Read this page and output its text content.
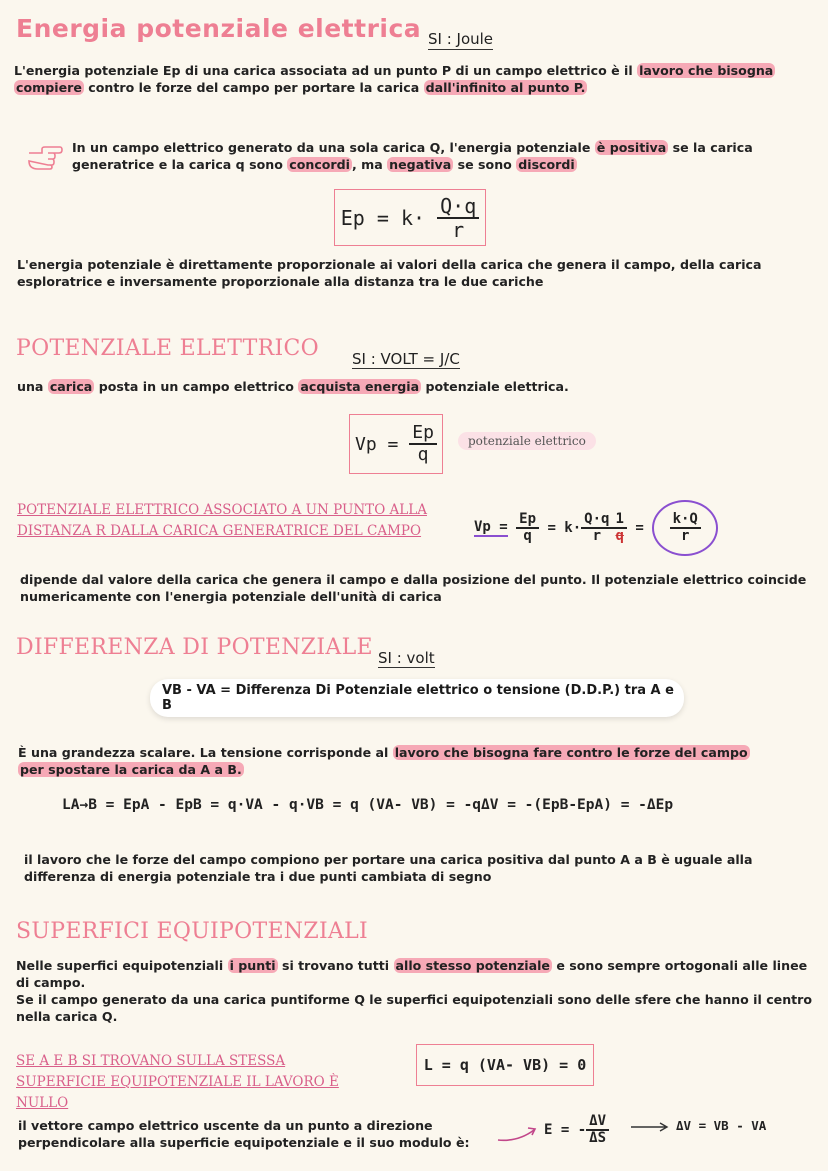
Energia potenziale elettrica SI : Joule
L'energia potenziale Ep di una carica associata ad un punto P di un campo elettrico è il lavoro che bisogna compiere contro le forze del campo per portare la carica dall'infinito al punto P.
In un campo elettrico generato da una sola carica Q, l'energia potenziale è positiva se la carica
generatrice e la carica q sono concordi , ma negativa se sono discordi
Ep = k·
$\frac{Q\cdot q}{r}$
L'energia potenziale è direttamente proporzionale ai valori della carica che genera il campo, della carica esploratrice e inversamente proporzionale alla distanza tra le due cariche
POTENZIALE ELETTRICO SI : VOLT = J/C
una carica posta in un campo elettrico acquista energia potenziale elettrica.
Vp =
$\frac{Ep}{q}$	potenziale elettrico
POTENZIALE ELETTRICO ASSOCIATO A UN PUNTO ALLA DISTANZA R DALLA CARICA GENERATRICE DEL CAMPO	Vp =
$\frac{Ep}{q}$
= $k\cdot \frac{Q\cdot q}{r} \frac{1}{q}$
=
$\frac{k\cdot Q}{r}$
dipende dal valore della carica che genera il campo e dalla posizione del punto. Il potenziale elettrico coincide numericamente con l'energia potenziale dell'unità di carica
DIFFERENZA DI POTENZIALE SI : volt
VB - VA = Differenza Di Potenziale elettrico o tensione (D.D.P.) tra A e B
È una grandezza scalare. La tensione corrisponde al lavoro che bisogna fare contro le forze del campo
per spostare la carica da A a B.
LA→B = EpA - EpB = q·VA - q·VB = q (VA- VB) = -qΔV = -(EpB-EpA) = -ΔEp
il lavoro che le forze del campo compiono per portare una carica positiva dal punto A a B è uguale alla differenza di energia potenziale tra i due punti cambiata di segno
SUPERFICI EQUIPOTENZIALI
Nelle superfici equipotenziali i punti si trovano tutti allo stesso potenziale e sono sempre ortogonali alle linee di campo.
Se il campo generato da una carica puntiforme Q le superfici equipotenziali sono delle sfere che hanno il centro nella carica Q.
SE A E B SI TROVANO SULLA STESSA SUPERFICIE EQUIPOTENZIALE IL LAVORO È NULLO
L = q (VA- VB) = 0
il vettore campo elettrico uscente da un punto a direzione perpendicolare alla superficie equipotenziale e il suo modulo è:
E = - $\frac{\Delta V}{\Delta S}$	ΔV = VB - VA
